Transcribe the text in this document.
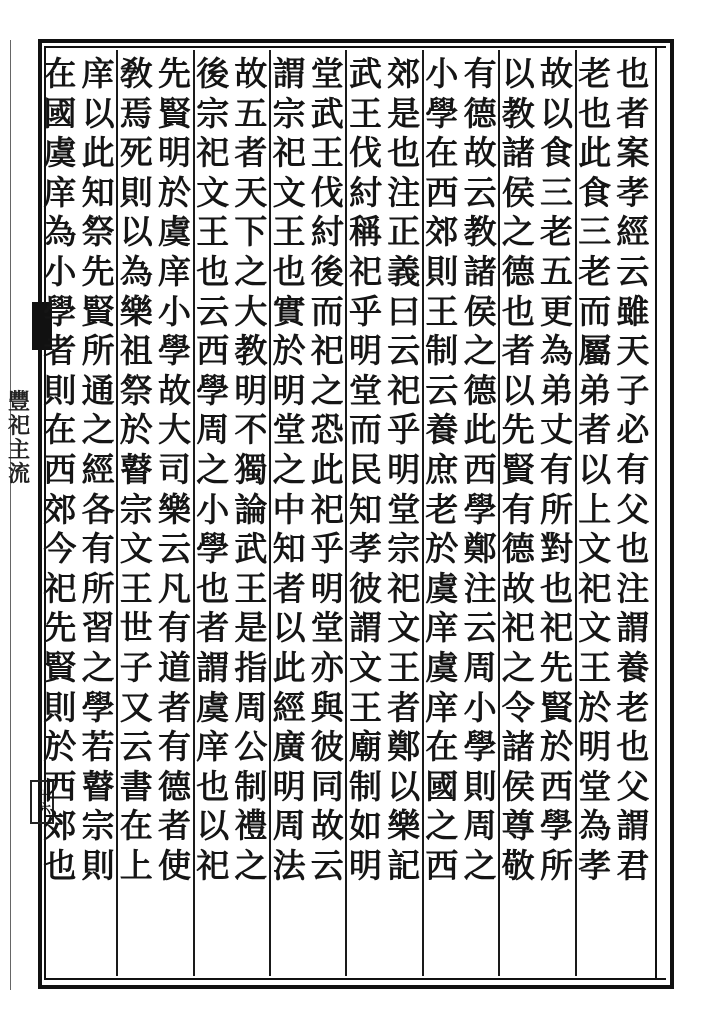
豐
祀
主
流
卅六
也
者
案
孝
經
云
雖
天
子
必
有
父
也
注
謂
養
老
也
父
謂
君
老
也
此
食
三
老
而
屬
弟
者
以
上
文
祀
文
王
於
明
堂
為
孝
故
以
食
三
老
五
更
為
弟
丈
有
所
對
也
祀
先
賢
於
西
學
所
以
教
諸
侯
之
德
也
者
以
先
賢
有
德
故
祀
之
令
諸
侯
尊
敬
有
德
故
云
教
諸
侯
之
德
此
西
學
鄭
注
云
周
小
學
則
周
之
小
學
在
西
郊
則
王
制
云
養
庶
老
於
虞
庠
虞
庠
在
國
之
西
郊
是
也
注
正
義
曰
云
祀
乎
明
堂
宗
祀
文
王
者
鄭
以
樂
記
武
王
伐
紂
稱
祀
乎
明
堂
而
民
知
孝
彼
謂
文
王
廟
制
如
明
堂
武
王
伐
紂
後
而
祀
之
恐
此
祀
乎
明
堂
亦
與
彼
同
故
云
謂
宗
祀
文
王
也
實
於
明
堂
之
中
知
者
以
此
經
廣
明
周
法
故
五
者
天
下
之
大
教
明
不
獨
論
武
王
是
指
周
公
制
禮
之
後
宗
祀
文
王
也
云
西
學
周
之
小
學
也
者
謂
虞
庠
也
以
祀
先
賢
明
於
虞
庠
小
學
故
大
司
樂
云
凡
有
道
者
有
德
者
使
敎
焉
死
則
以
為
樂
祖
祭
於
瞽
宗
文
王
世
子
又
云
書
在
上
庠
以
此
知
祭
先
賢
所
通
之
經
各
有
所
習
之
學
若
瞽
宗
則
在
國
虞
庠
為
小
學
者
則
在
西
郊
今
祀
先
賢
則
於
西
郊
也
